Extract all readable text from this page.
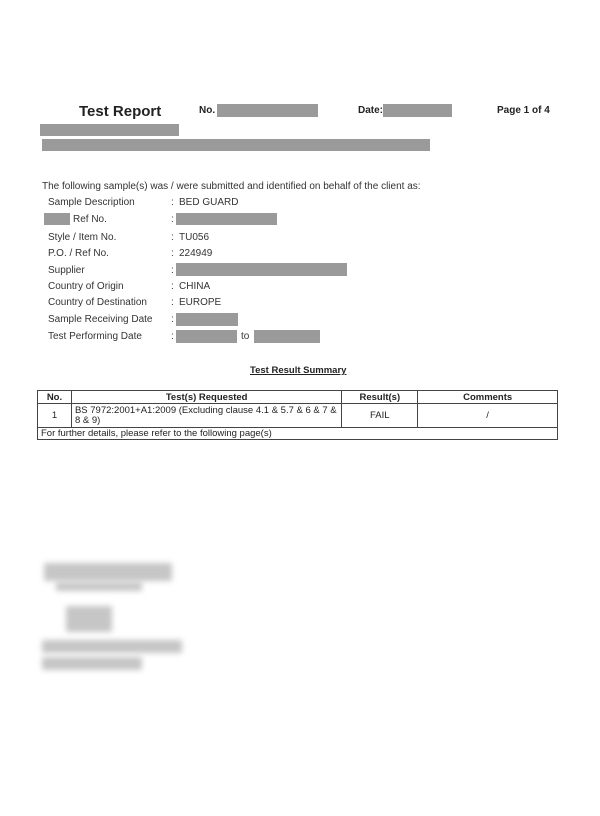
Test Report	No.	Date:	Page 1 of 4
The following sample(s) was / were submitted and identified on behalf of the client as:
Sample Description	: BED GUARD
Ref No.	:
Style / Item No.	: TU056
P.O. / Ref No.	: 224949
Supplier	:
Country of Origin	: CHINA
Country of Destination : EUROPE
Sample Receiving Date :
Test Performing Date	:	to
Test Result Summary
No.	Test(s) Requested	Result(s)	Comments
1	BS 7972:2001+A1:2009 (Excluding clause 4.1 & 5.7 & 6 & 7 & 8 & 9)	FAIL	/
For further details, please refer to the following page(s)			
